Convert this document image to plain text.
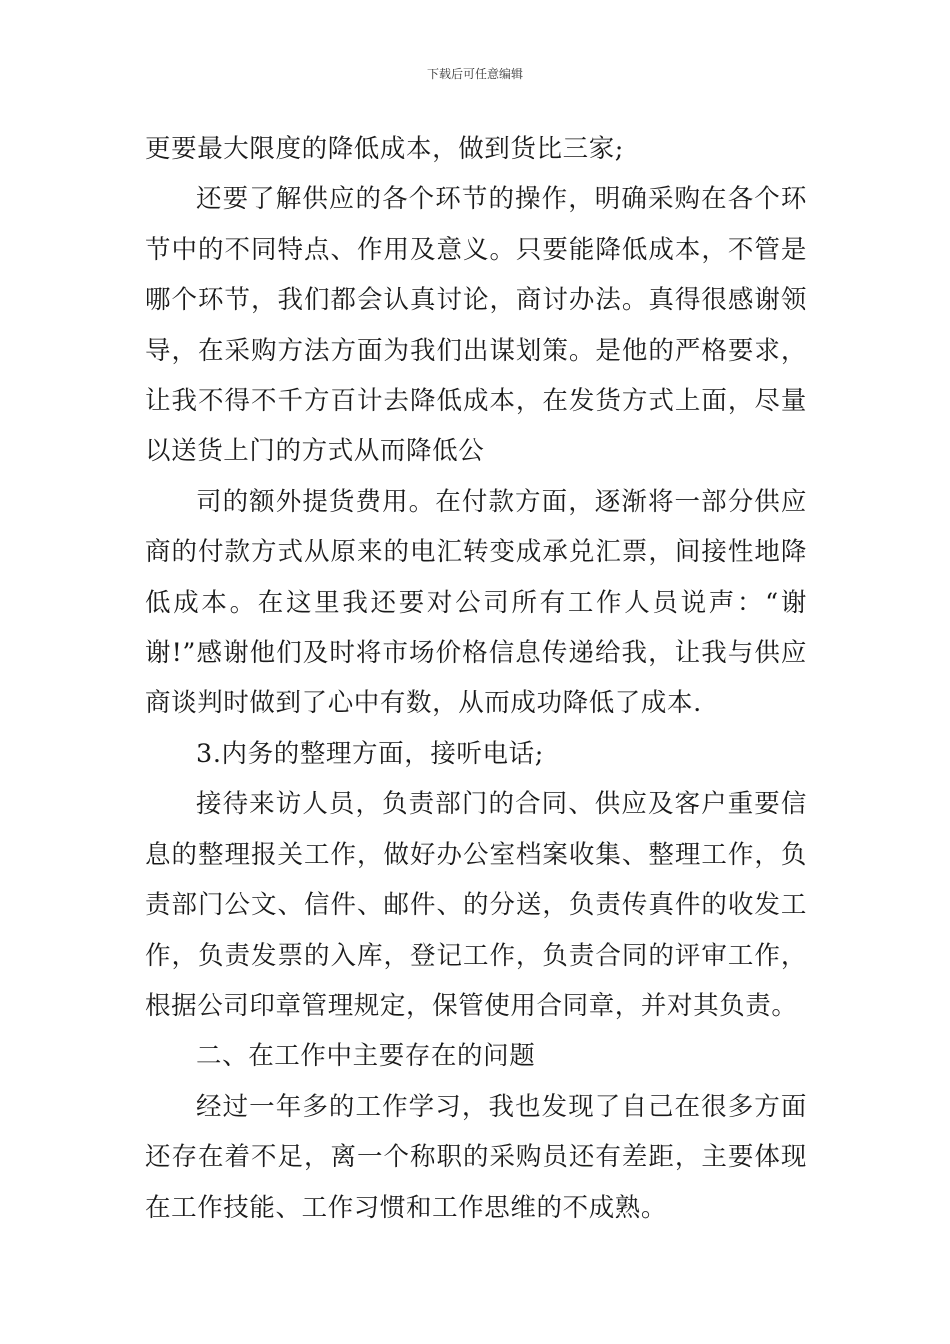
下载后可任意编辑

更要最大限度的降低成本，做到货比三家;

还要了解供应的各个环节的操作，明确采购在各个环节中的不同特点、作用及意义。只要能降低成本，不管是哪个环节，我们都会认真讨论，商讨办法。真得很感谢领导，在采购方法方面为我们出谋划策。是他的严格要求，让我不得不千方百计去降低成本，在发货方式上面，尽量以送货上门的方式从而降低公

司的额外提货费用。在付款方面，逐渐将一部分供应商的付款方式从原来的电汇转变成承兑汇票，间接性地降低成本。在这里我还要对公司所有工作人员说声：“谢谢!”感谢他们及时将市场价格信息传递给我，让我与供应商谈判时做到了心中有数，从而成功降低了成本.

3.内务的整理方面，接听电话;

接待来访人员，负责部门的合同、供应及客户重要信息的整理报关工作，做好办公室档案收集、整理工作，负责部门公文、信件、邮件、的分送，负责传真件的收发工作，负责发票的入库，登记工作，负责合同的评审工作，根据公司印章管理规定，保管使用合同章，并对其负责。

二、在工作中主要存在的问题

经过一年多的工作学习，我也发现了自己在很多方面还存在着不足，离一个称职的采购员还有差距，主要体现在工作技能、工作习惯和工作思维的不成熟。
